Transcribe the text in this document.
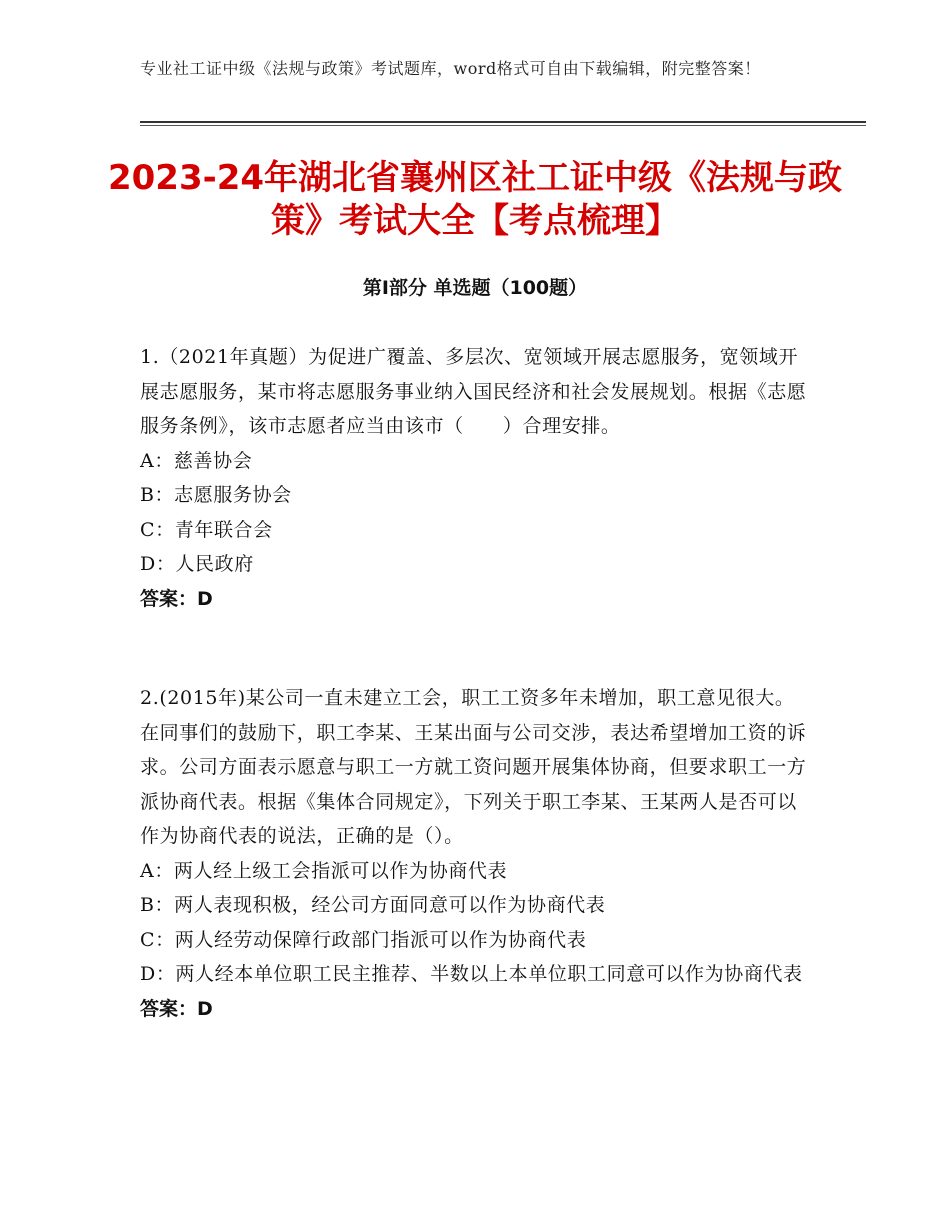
专业社工证中级《法规与政策》考试题库，word格式可自由下载编辑，附完整答案！
2023-24年湖北省襄州区社工证中级《法规与政策》考试大全【考点梳理】
第Ⅰ部分 单选题（100题）
1.（2021年真题）为促进广覆盖、多层次、宽领域开展志愿服务，宽领域开展志愿服务，某市将志愿服务事业纳入国民经济和社会发展规划。根据《志愿服务条例》，该市志愿者应当由该市（　　）合理安排。
A：慈善协会
B：志愿服务协会
C：青年联合会
D：人民政府
答案：D
2.(2015年)某公司一直未建立工会，职工工资多年未增加，职工意见很大。在同事们的鼓励下，职工李某、王某出面与公司交涉，表达希望增加工资的诉求。公司方面表示愿意与职工一方就工资问题开展集体协商，但要求职工一方派协商代表。根据《集体合同规定》，下列关于职工李某、王某两人是否可以作为协商代表的说法，正确的是（）。
A：两人经上级工会指派可以作为协商代表
B：两人表现积极，经公司方面同意可以作为协商代表
C：两人经劳动保障行政部门指派可以作为协商代表
D：两人经本单位职工民主推荐、半数以上本单位职工同意可以作为协商代表
答案：D
